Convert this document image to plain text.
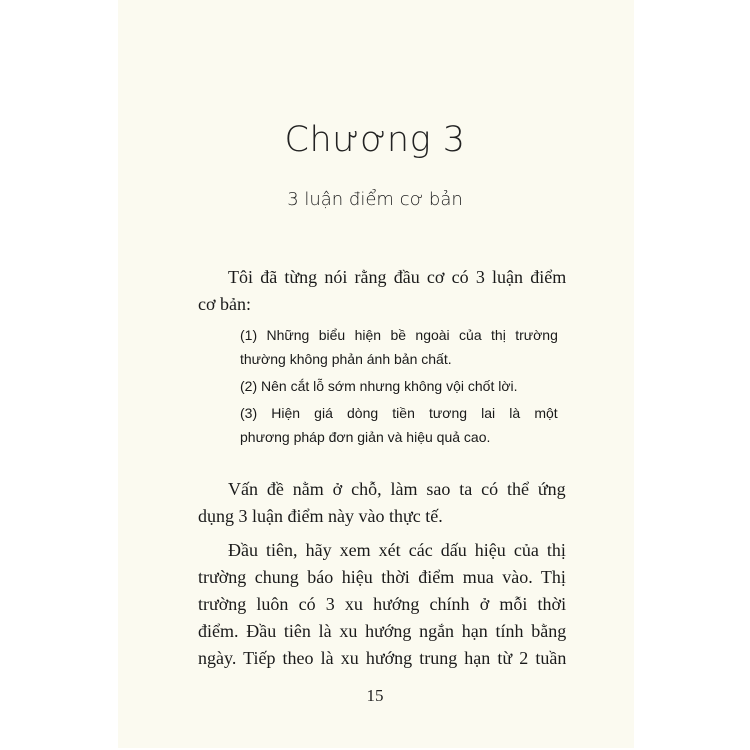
Chương 3
3 luận điểm cơ bản
Tôi đã từng nói rằng đầu cơ có 3 luận điểm
cơ bản:
(1) Những biểu hiện bề ngoài của thị trường
thường không phản ánh bản chất.
(2) Nên cắt lỗ sớm nhưng không vội chốt lời.
(3) Hiện giá dòng tiền tương lai là một
phương pháp đơn giản và hiệu quả cao.
Vấn đề nằm ở chỗ, làm sao ta có thể ứng
dụng 3 luận điểm này vào thực tế.
Đầu tiên, hãy xem xét các dấu hiệu của thị
trường chung báo hiệu thời điểm mua vào. Thị
trường luôn có 3 xu hướng chính ở mỗi thời
điểm. Đầu tiên là xu hướng ngắn hạn tính bằng
ngày. Tiếp theo là xu hướng trung hạn từ 2 tuần
15
